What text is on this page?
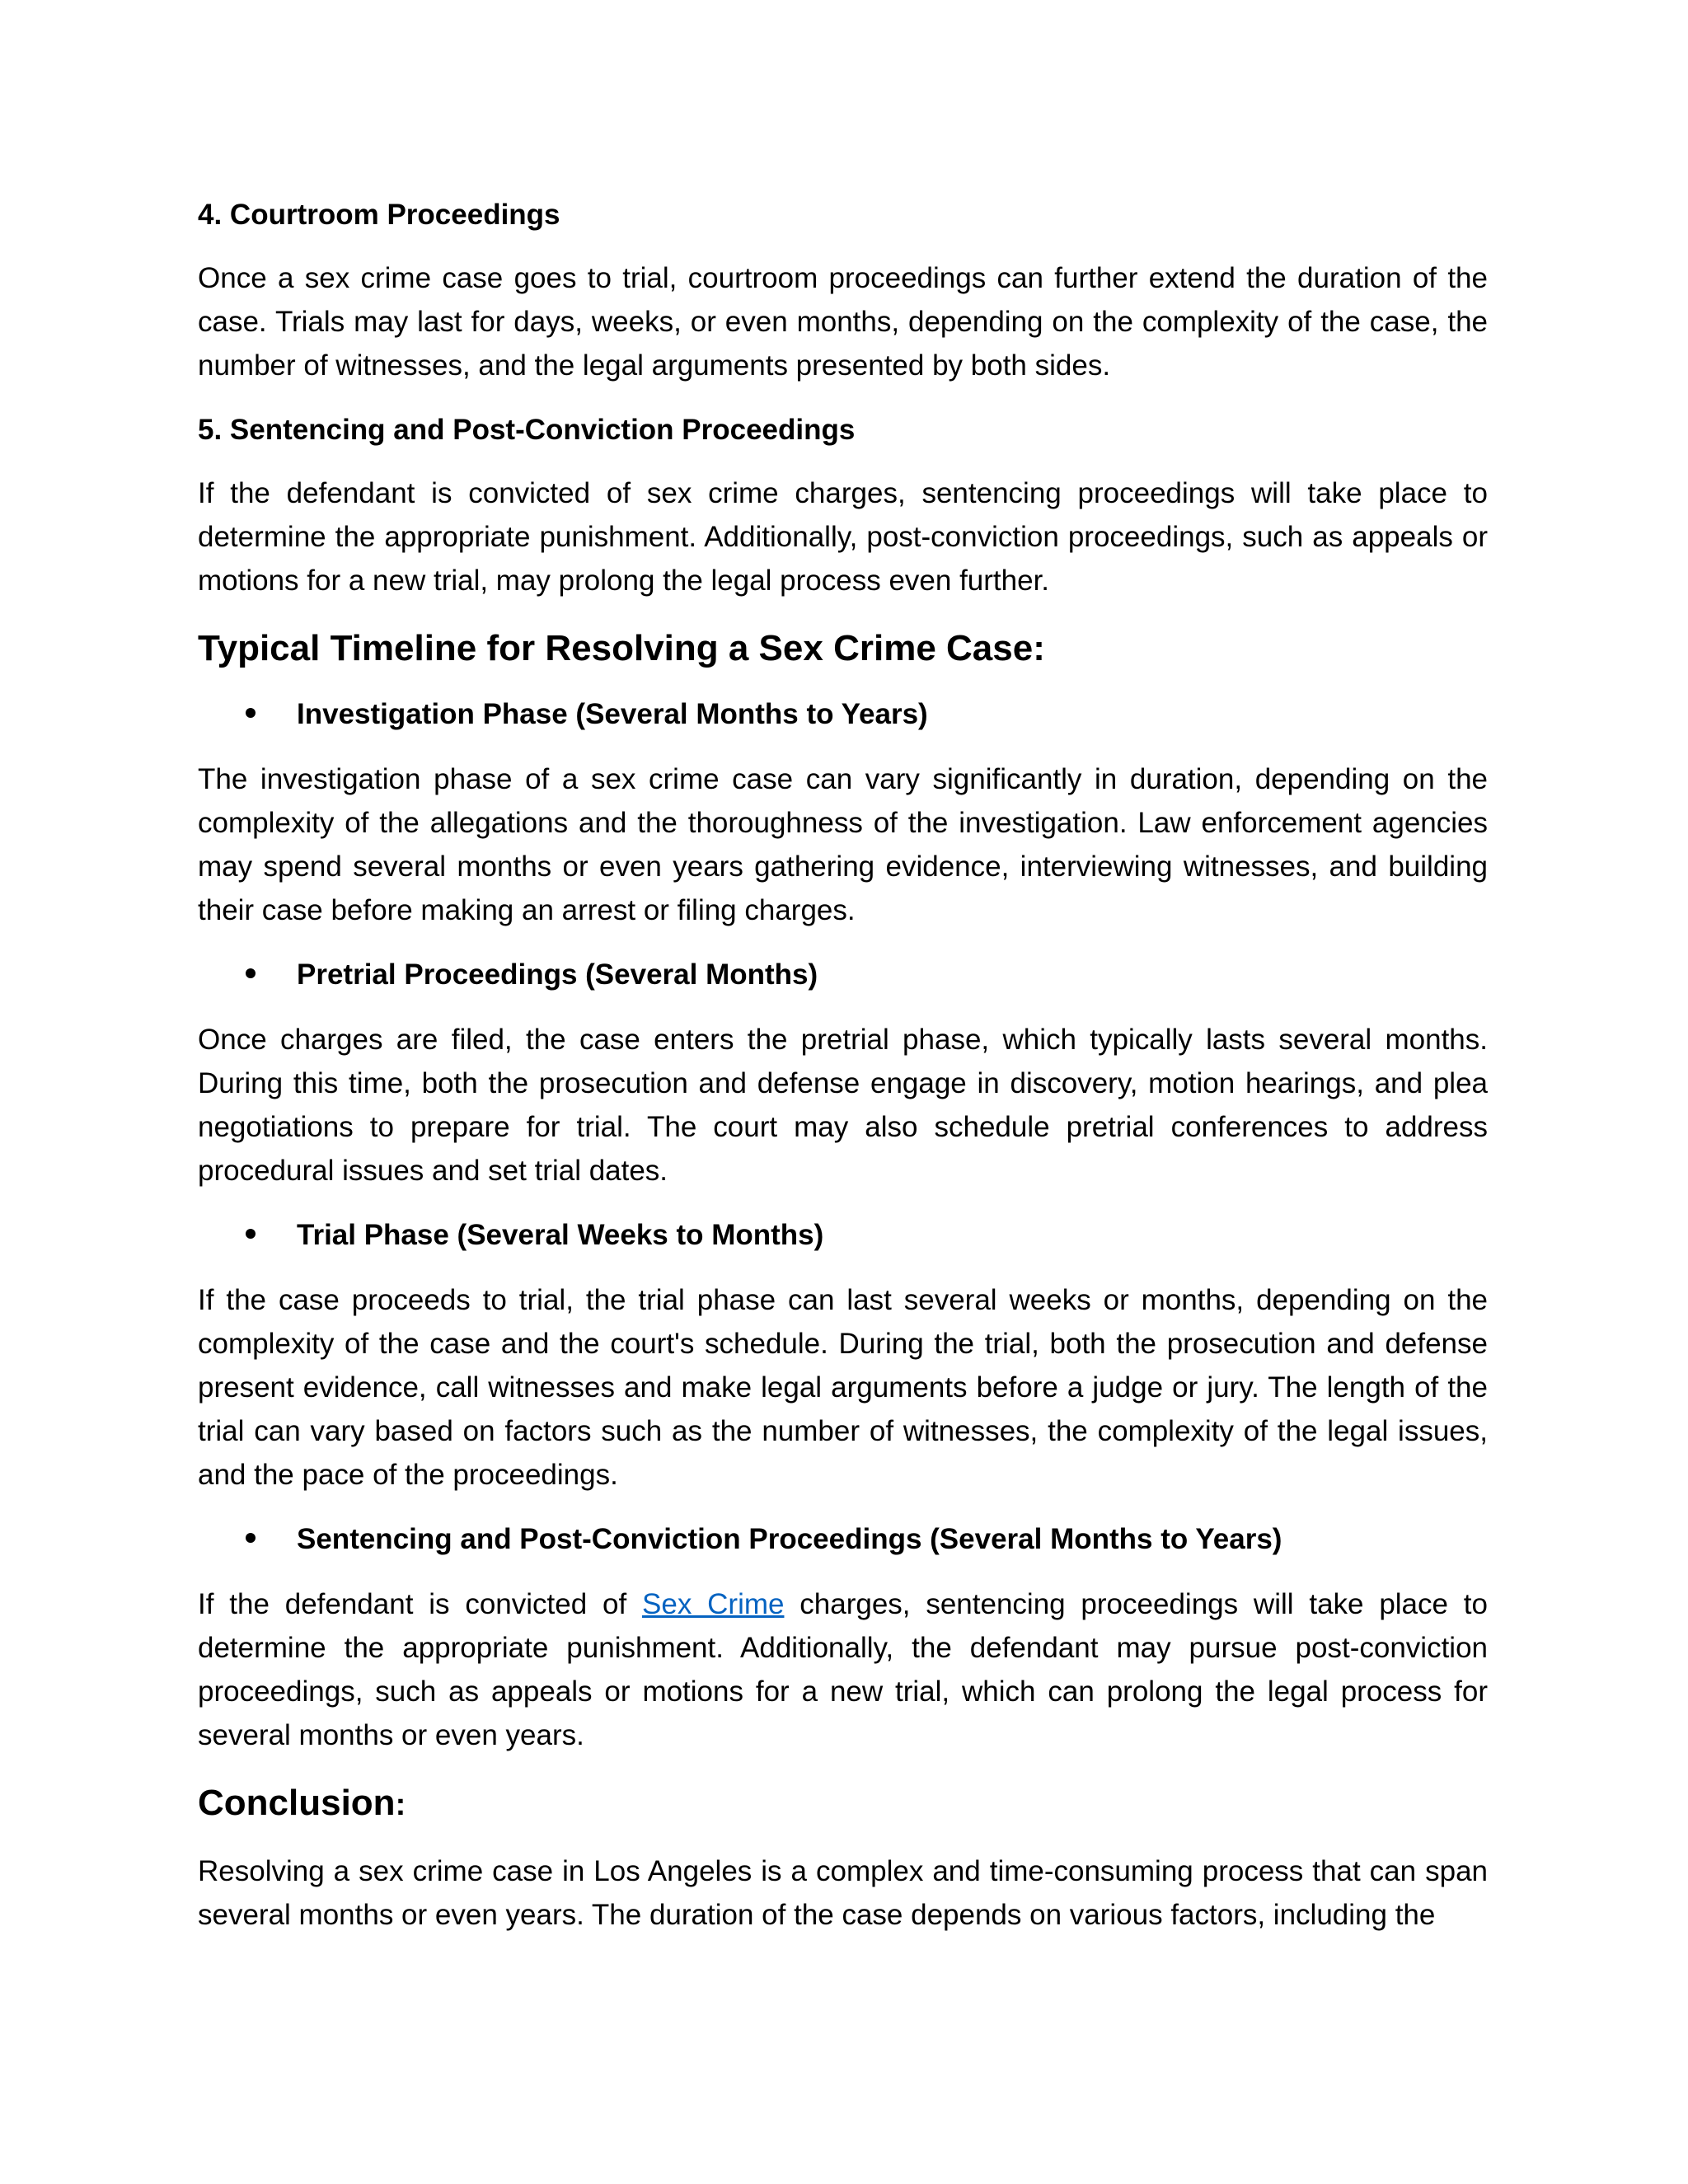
4. Courtroom Proceedings

Once a sex crime case goes to trial, courtroom proceedings can further extend the duration of the case. Trials may last for days, weeks, or even months, depending on the complexity of the case, the number of witnesses, and the legal arguments presented by both sides.

5. Sentencing and Post-Conviction Proceedings

If the defendant is convicted of sex crime charges, sentencing proceedings will take place to determine the appropriate punishment. Additionally, post-conviction proceedings, such as appeals or motions for a new trial, may prolong the legal process even further.

Typical Timeline for Resolving a Sex Crime Case:
Investigation Phase (Several Months to Years)

The investigation phase of a sex crime case can vary significantly in duration, depending on the complexity of the allegations and the thoroughness of the investigation. Law enforcement agencies may spend several months or even years gathering evidence, interviewing witnesses, and building their case before making an arrest or filing charges.

Pretrial Proceedings (Several Months)

Once charges are filed, the case enters the pretrial phase, which typically lasts several months. During this time, both the prosecution and defense engage in discovery, motion hearings, and plea negotiations to prepare for trial. The court may also schedule pretrial conferences to address procedural issues and set trial dates.

Trial Phase (Several Weeks to Months)

If the case proceeds to trial, the trial phase can last several weeks or months, depending on the complexity of the case and the court's schedule. During the trial, both the prosecution and defense present evidence, call witnesses and make legal arguments before a judge or jury. The length of the trial can vary based on factors such as the number of witnesses, the complexity of the legal issues, and the pace of the proceedings.

Sentencing and Post-Conviction Proceedings (Several Months to Years)

If the defendant is convicted of Sex Crime charges, sentencing proceedings will take place to determine the appropriate punishment. Additionally, the defendant may pursue post-conviction proceedings, such as appeals or motions for a new trial, which can prolong the legal process for several months or even years.

Conclusion:

Resolving a sex crime case in Los Angeles is a complex and time-consuming process that can span several months or even years. The duration of the case depends on various factors, including the
